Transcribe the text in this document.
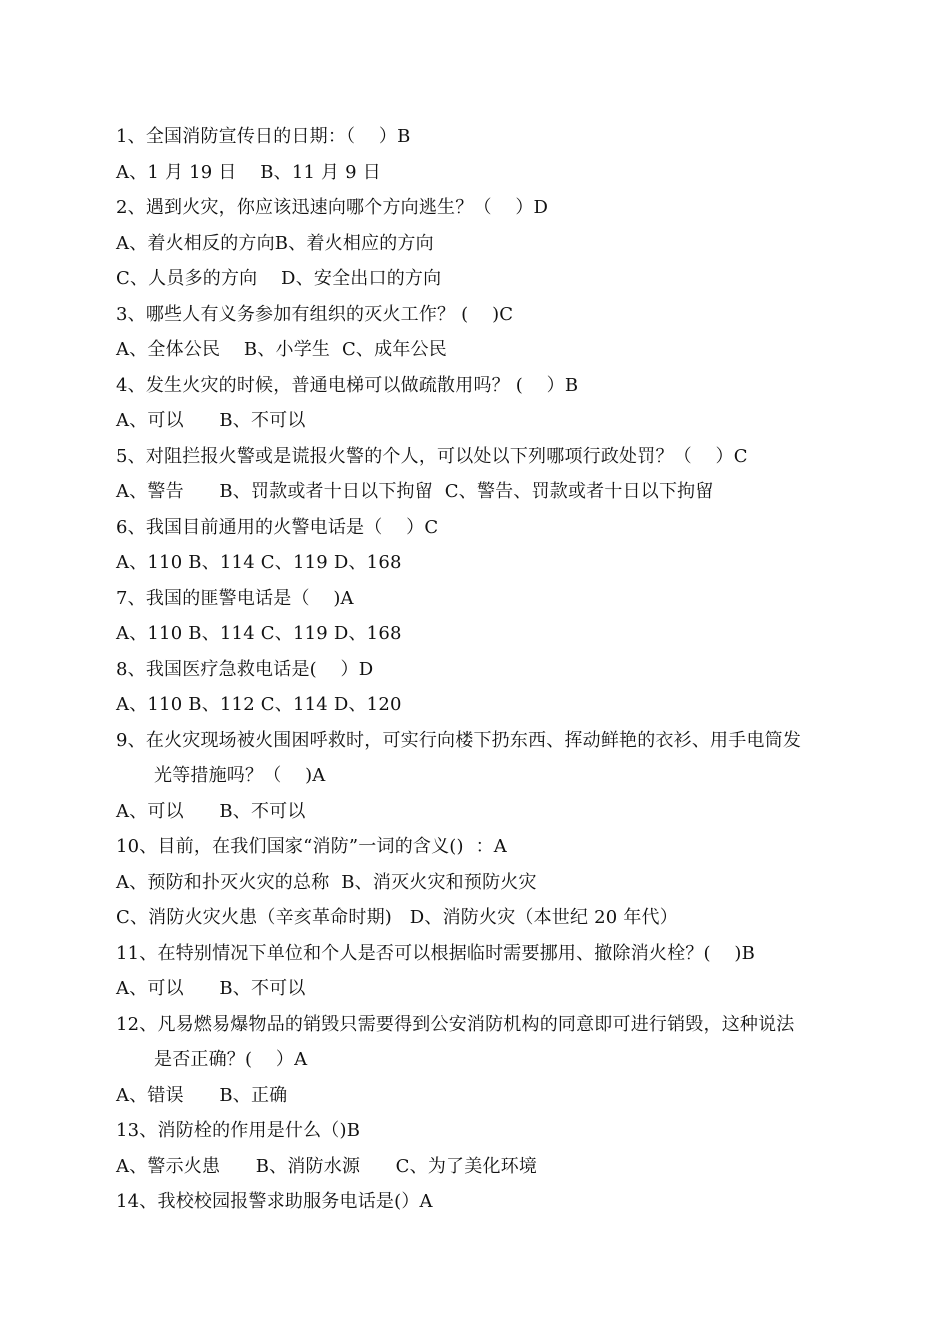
1、全国消防宣传日的日期：（    ）B
A、1 月 19 日    B、11 月 9 日
2、遇到火灾，你应该迅速向哪个方向逃生？（    ）D
A、着火相反的方向B、着火相应的方向
C、人员多的方向    D、安全出口的方向
3、哪些人有义务参加有组织的灭火工作？ (    )C
A、全体公民    B、小学生  C、成年公民
4、发生火灾的时候，普通电梯可以做疏散用吗？ (    ）B
A、可以      B、不可以
5、对阻拦报火警或是谎报火警的个人，可以处以下列哪项行政处罚？（    ）C
A、警告      B、罚款或者十日以下拘留  C、警告、罚款或者十日以下拘留
6、我国目前通用的火警电话是（    ）C
A、110 B、114 C、119 D、168
7、我国的匪警电话是（    )A
A、110 B、114 C、119 D、168
8、我国医疗急救电话是(    ）D
A、110 B、112 C、114 D、120
9、在火灾现场被火围困呼救时，可实行向楼下扔东西、挥动鲜艳的衣衫、用手电筒发
光等措施吗？（    )A
A、可以      B、不可以
10、目前，在我们国家“消防”一词的含义()  ：A
A、预防和扑灭火灾的总称  B、消灭火灾和预防火灾
C、消防火灾火患（辛亥革命时期)   D、消防火灾（本世纪 20 年代）
11、在特别情况下单位和个人是否可以根据临时需要挪用、撤除消火栓？(    )B
A、可以      B、不可以
12、凡易燃易爆物品的销毁只需要得到公安消防机构的同意即可进行销毁，这种说法
是否正确？(    ）A
A、错误      B、正确
13、消防栓的作用是什么（)B
A、警示火患      B、消防水源      C、为了美化环境
14、我校校园报警求助服务电话是(）A
